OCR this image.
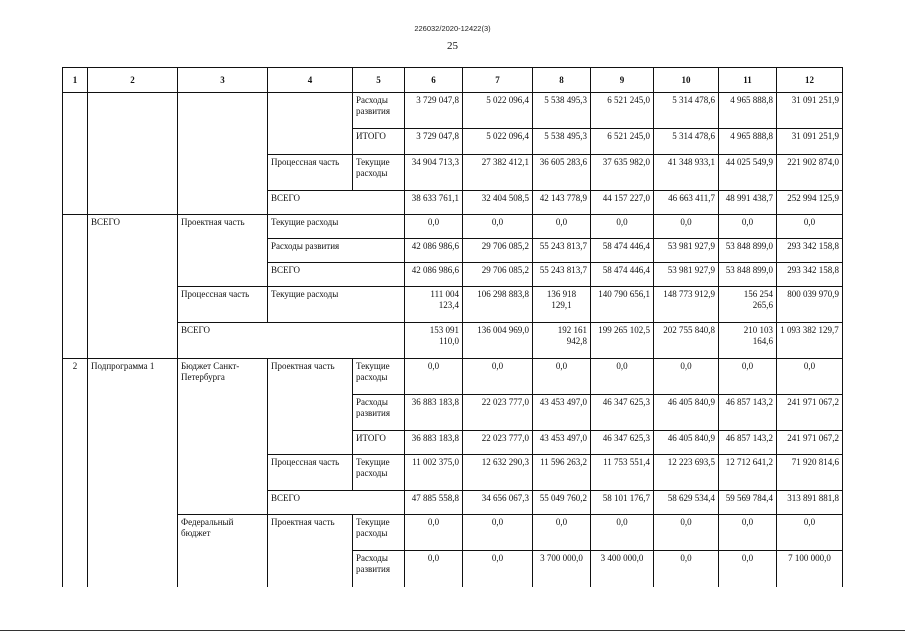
226032/2020-12422(3)
25
1	2	3	4	5	6	7	8	9	10	11	12
				Расходы развития	3 729 047,8	5 022 096,4	5 538 495,3	6 521 245,0	5 314 478,6	4 965 888,8	31 091 251,9
				ИТОГО	3 729 047,8	5 022 096,4	5 538 495,3	6 521 245,0	5 314 478,6	4 965 888,8	31 091 251,9
			Процессная часть	Текущие расходы	34 904 713,3	27 382 412,1	36 605 283,6	37 635 982,0	41 348 933,1	44 025 549,9	221 902 874,0
			ВСЕГО		38 633 761,1	32 404 508,5	42 143 778,9	44 157 227,0	46 663 411,7	48 991 438,7	252 994 125,9
	ВСЕГО	Проектная часть	Текущие расходы		0,0	0,0	0,0	0,0	0,0	0,0	0,0
			Расходы развития		42 086 986,6	29 706 085,2	55 243 813,7	58 474 446,4	53 981 927,9	53 848 899,0	293 342 158,8
			ВСЕГО		42 086 986,6	29 706 085,2	55 243 813,7	58 474 446,4	53 981 927,9	53 848 899,0	293 342 158,8
		Процессная часть	Текущие расходы		111 004 123,4	106 298 883,8	136 918 129,1	140 790 656,1	148 773 912,9	156 254 265,6	800 039 970,9
		ВСЕГО			153 091 110,0	136 004 969,0	192 161 942,8	199 265 102,5	202 755 840,8	210 103 164,6	1 093 382 129,7
2	Подпрограмма 1	Бюджет Санкт-Петербурга	Проектная часть	Текущие расходы	0,0	0,0	0,0	0,0	0,0	0,0	0,0
				Расходы развития	36 883 183,8	22 023 777,0	43 453 497,0	46 347 625,3	46 405 840,9	46 857 143,2	241 971 067,2
				ИТОГО	36 883 183,8	22 023 777,0	43 453 497,0	46 347 625,3	46 405 840,9	46 857 143,2	241 971 067,2
			Процессная часть	Текущие расходы	11 002 375,0	12 632 290,3	11 596 263,2	11 753 551,4	12 223 693,5	12 712 641,2	71 920 814,6
			ВСЕГО		47 885 558,8	34 656 067,3	55 049 760,2	58 101 176,7	58 629 534,4	59 569 784,4	313 891 881,8
		Федеральный бюджет	Проектная часть	Текущие расходы	0,0	0,0	0,0	0,0	0,0	0,0	0,0
				Расходы развития	0,0	0,0	3 700 000,0	3 400 000,0	0,0	0,0	7 100 000,0
